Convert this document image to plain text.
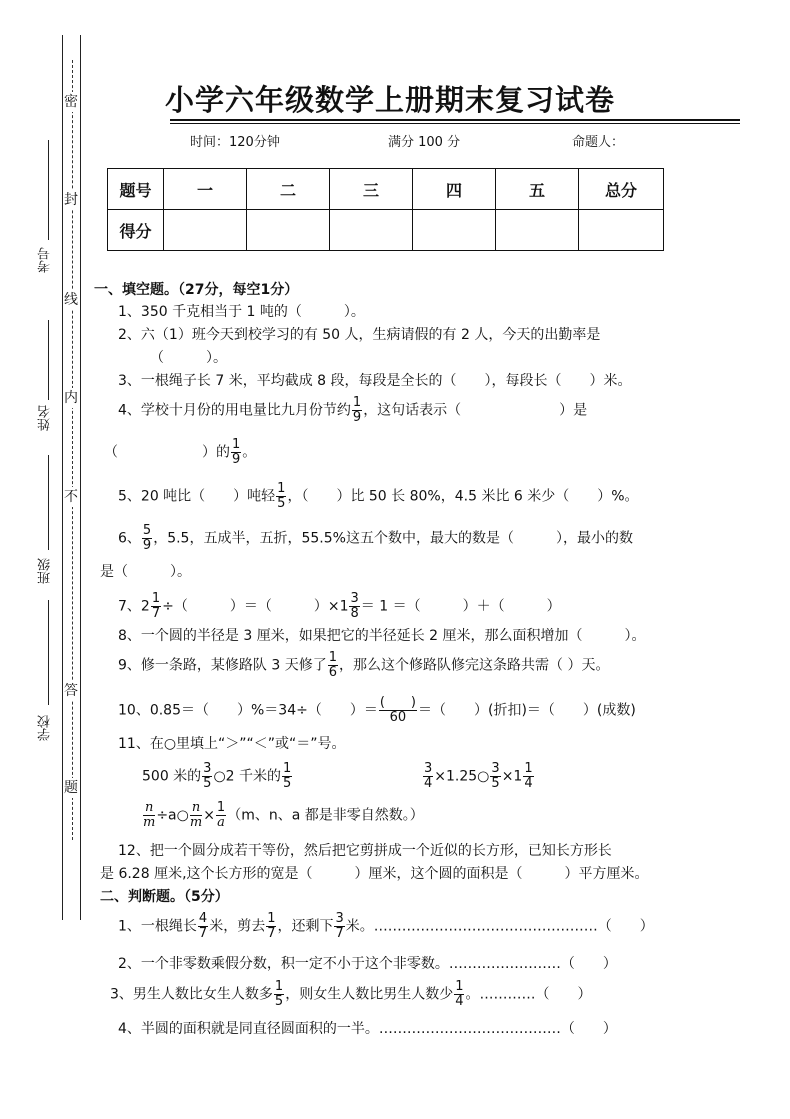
密
封
线
内
不
答
题
考号
姓名
班级
学校
小学六年级数学上册期末复习试卷
时间：120分钟	满分 100 分	命题人：
题号	一	二	三	四	五	总分
得分						
一、填空题。（27分，每空1分）
1、350 千克相当于 1 吨的（　　　）。
2、六（1）班今天到校学习的有 50 人，生病请假的有 2 人，今天的出勤率是
（　　　）。
3、一根绳子长 7 米，平均截成 8 段，每段是全长的（　　），每段长（　　）米。
4、学校十月份的用电量比九月份节约 $\frac{1}{9}$ ，这句话表示（　　　　　　　）是
（　　　　　　）的 $\frac{1}{9}$ 。
5、20 吨比（　　）吨轻 $\frac{1}{5}$ ，（　　）比 50 长 80%，4.5 米比 6 米少（　　）%。
6、 $\frac{5}{9}$ ，5.5，五成半，五折，55.5%这五个数中，最大的数是（　　　），最小的数
是（　　　）。
7、$2 \frac{1}{7}$ ÷（　　　）＝（　　　）$\times 1 \frac{3}{8} = 1$ ＝（　　　）＋（　　　）
8、一个圆的半径是 3 厘米，如果把它的半径延长 2 厘米，那么面积增加（　　　）。
9、修一条路，某修路队 3 天修了 $\frac{1}{6}$ ，那么这个修路队修完这条路共需（ ）天。
10、0.85＝（　　）%＝34÷（　　）＝ (　　)
60 ＝（　　）(折扣)＝（　　）(成数)
11、在○里填上“＞”“＜”或“＝”号。
500 米的 $\frac{3}{5}$ ○2 千米的 $\frac{1}{5}$	$\frac{3}{4}$ ×1.25○ $\frac{3}{5} \times 1 \frac{1}{4}$
$\frac{n}{m}$ ÷a○ $\frac{n}{m} \times \frac{1}{a} (m$、n、a 都是非零自然数。）
12、把一个圆分成若干等份，然后把它剪拼成一个近似的长方形，已知长方形长
是 6.28 厘米,这个长方形的宽是（　　　）厘米，这个圆的面积是（　　　）平方厘米。
二、判断题。（5分）
1、一根绳长 $\frac{4}{7}$ 米，剪去 $\frac{1}{7}$ ，还剩下 $\frac{3}{7}$ 米。…………………………………………（　　）
2、一个非零数乘假分数，积一定不小于这个非零数。……………………（　　）
3、男生人数比女生人数多 $\frac{1}{5}$ ，则女生人数比男生人数少 $\frac{1}{4}$ 。…………（　　）
4、半圆的面积就是同直径圆面积的一半。…………………………………（　　）
